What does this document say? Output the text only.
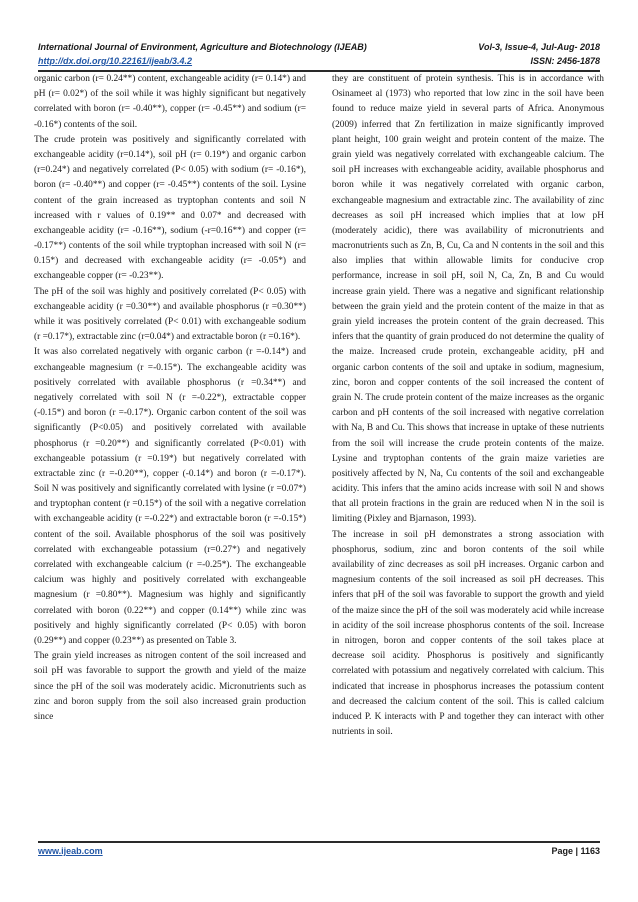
International Journal of Environment, Agriculture and Biotechnology (IJEAB)	Vol-3, Issue-4, Jul-Aug- 2018
http://dx.doi.org/10.22161/ijeab/3.4.2	ISSN: 2456-1878

organic carbon (r= 0.24**) content, exchangeable acidity (r= 0.14*) and pH (r= 0.02*) of the soil while it was highly significant but negatively correlated with boron (r= -0.40**), copper (r= -0.45**) and sodium (r= -0.16*) contents of the soil.

The crude protein was positively and significantly correlated with exchangeable acidity (r=0.14*), soil pH (r= 0.19*) and organic carbon (r=0.24*) and negatively correlated (P< 0.05) with sodium (r= -0.16*), boron (r= -0.40**) and copper (r= -0.45**) contents of the soil. Lysine content of the grain increased as tryptophan contents and soil N increased with r values of 0.19** and 0.07* and decreased with exchangeable acidity (r= -0.16**), sodium (-r=0.16**) and copper (r= -0.17**) contents of the soil while tryptophan increased with soil N (r= 0.15*) and decreased with exchangeable acidity (r= -0.05*) and exchangeable copper (r= -0.23**).

The pH of the soil was highly and positively correlated (P< 0.05) with exchangeable acidity (r =0.30**) and available phosphorus (r =0.30**) while it was positively correlated (P< 0.01) with exchangeable sodium (r =0.17*), extractable zinc (r=0.04*) and extractable boron (r =0.16*).

It was also correlated negatively with organic carbon (r =-0.14*) and exchangeable magnesium (r =-0.15*). The exchangeable acidity was positively correlated with available phosphorus (r =0.34**) and negatively correlated with soil N (r =-0.22*), extractable copper (-0.15*) and boron (r =-0.17*). Organic carbon content of the soil was significantly (P<0.05) and positively correlated with available phosphorus (r =0.20**) and significantly correlated (P<0.01) with exchangeable potassium (r =0.19*) but negatively correlated with extractable zinc (r =-0.20**), copper (-0.14*) and boron (r =-0.17*). Soil N was positively and significantly correlated with lysine (r =0.07*) and tryptophan content (r =0.15*) of the soil with a negative correlation with exchangeable acidity (r =-0.22*) and extractable boron (r =-0.15*) content of the soil. Available phosphorus of the soil was positively correlated with exchangeable potassium (r=0.27*) and negatively correlated with exchangeable calcium (r =-0.25*). The exchangeable calcium was highly and positively correlated with exchangeable magnesium (r =0.80**). Magnesium was highly and significantly correlated with boron (0.22**) and copper (0.14**) while zinc was positively and highly significantly correlated (P< 0.05) with boron (0.29**) and copper (0.23**) as presented on Table 3.

The grain yield increases as nitrogen content of the soil increased and soil pH was favorable to support the growth and yield of the maize since the pH of the soil was moderately acidic. Micronutrients such as zinc and boron supply from the soil also increased grain production since

they are constituent of protein synthesis. This is in accordance with Osinameet al (1973) who reported that low zinc in the soil have been found to reduce maize yield in several parts of Africa. Anonymous (2009) inferred that Zn fertilization in maize significantly improved plant height, 100 grain weight and protein content of the maize. The grain yield was negatively correlated with exchangeable calcium. The soil pH increases with exchangeable acidity, available phosphorus and boron while it was negatively correlated with organic carbon, exchangeable magnesium and extractable zinc. The availability of zinc decreases as soil pH increased which implies that at low pH (moderately acidic), there was availability of micronutrients and macronutrients such as Zn, B, Cu, Ca and N contents in the soil and this also implies that within allowable limits for conducive crop performance, increase in soil pH, soil N, Ca, Zn, B and Cu would increase grain yield. There was a negative and significant relationship between the grain yield and the protein content of the maize in that as grain yield increases the protein content of the grain decreased. This infers that the quantity of grain produced do not determine the quality of the maize. Increased crude protein, exchangeable acidity, pH and organic carbon contents of the soil and uptake in sodium, magnesium, zinc, boron and copper contents of the soil increased the content of grain N. The crude protein content of the maize increases as the organic carbon and pH contents of the soil increased with negative correlation with Na, B and Cu. This shows that increase in uptake of these nutrients from the soil will increase the crude protein contents of the maize. Lysine and tryptophan contents of the grain maize varieties are positively affected by N, Na, Cu contents of the soil and exchangeable acidity. This infers that the amino acids increase with soil N and shows that all protein fractions in the grain are reduced when N in the soil is limiting (Pixley and Bjarnason, 1993).

The increase in soil pH demonstrates a strong association with phosphorus, sodium, zinc and boron contents of the soil while availability of zinc decreases as soil pH increases. Organic carbon and magnesium contents of the soil increased as soil pH decreases. This infers that pH of the soil was favorable to support the growth and yield of the maize since the pH of the soil was moderately acid while increase in acidity of the soil increase phosphorus contents of the soil. Increase in nitrogen, boron and copper contents of the soil takes place at decrease soil acidity. Phosphorus is positively and significantly correlated with potassium and negatively correlated with calcium. This indicated that increase in phosphorus increases the potassium content and decreased the calcium content of the soil. This is called calcium induced P. K interacts with P and together they can interact with other nutrients in soil.

www.ijeab.com	Page | 1163
